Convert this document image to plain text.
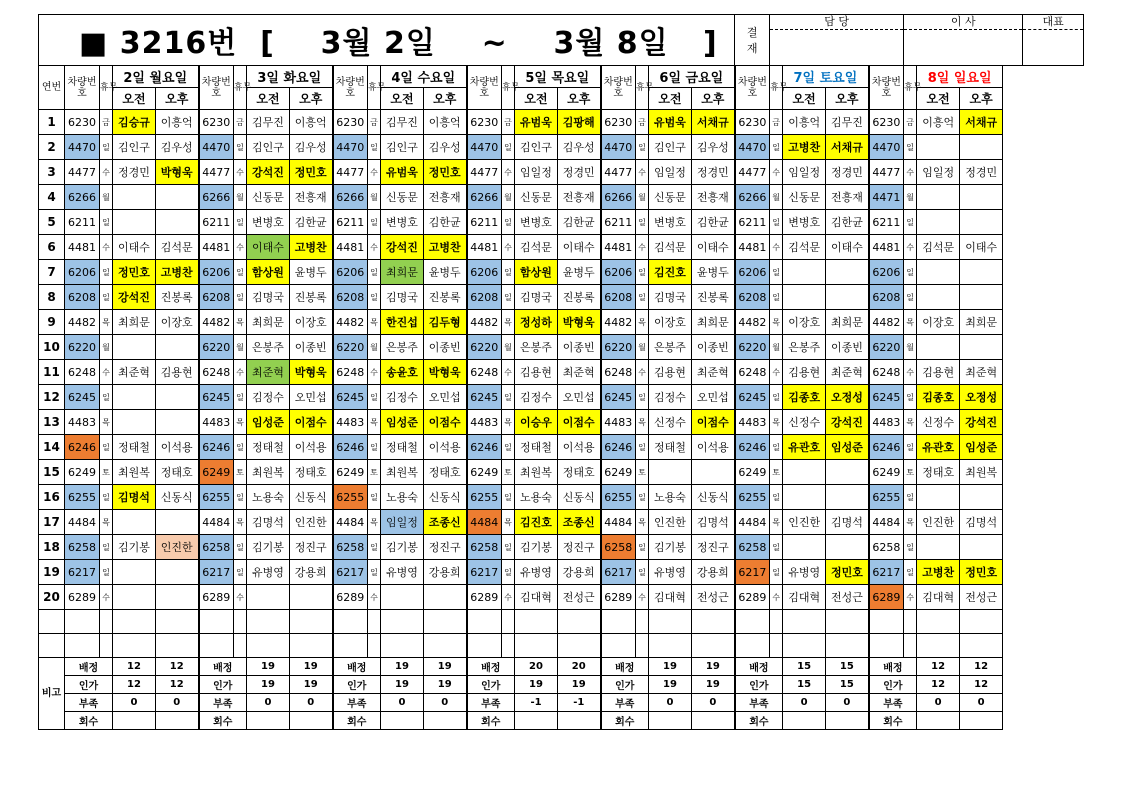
■ 3216번  [    3월 2일    ~    3월 8일   ]																					결
재	담 당				이 사			대표

연번	차량번호	휴무	2일 월요일		차량번호	휴무	3일 화요일		차량번호	휴무	4일 수요일		차량번호	휴무	5일 목요일		차량번호	휴무	6일 금요일		차량번호	휴무	7일 토요일		차량번호	휴무	8일 일요일		
			오전	오후			오전	오후			오전	오후			오전	오후			오전	오후			오전	오후			오전	오후	
1	6230	금	김승규	이흥억	6230	금	김무진	이흥억	6230	금	김무진	이흥억	6230	금	유범욱	김팡해	6230	금	유범욱	서채규	6230	금	이흥억	김무진	6230	금	이흥억	서채규	
2	4470	일	김인구	김우성	4470	일	김인구	김우성	4470	일	김인구	김우성	4470	일	김인구	김우성	4470	일	김인구	김우성	4470	일	고병찬	서채규	4470	일			
3	4477	수	정경민	박형욱	4477	수	강석진	정민호	4477	수	유범욱	정민호	4477	수	임일정	정경민	4477	수	임일정	정경민	4477	수	임일정	정경민	4477	수	임일정	정경민	
4	6266	월			6266	월	신동문	전흥재	6266	월	신동문	전흥재	6266	월	신동문	전흥재	6266	월	신동문	전흥재	6266	월	신동문	전흥재	4471	월			
5	6211	일			6211	일	변병호	김한균	6211	일	변병호	김한균	6211	일	변병호	김한균	6211	일	변병호	김한균	6211	일	변병호	김한균	6211	일			
6	4481	수	이태수	김석문	4481	수	이태수	고병찬	4481	수	강석진	고병찬	4481	수	김석문	이태수	4481	수	김석문	이태수	4481	수	김석문	이태수	4481	수	김석문	이태수	
7	6206	일	정민호	고병찬	6206	일	함상원	윤병두	6206	일	최희문	윤병두	6206	일	함상원	윤병두	6206	일	김진호	윤병두	6206	일			6206	일			
8	6208	일	강석진	진봉록	6208	일	김명국	진봉록	6208	일	김명국	진봉록	6208	일	김명국	진봉록	6208	일	김명국	진봉록	6208	일			6208	일			
9	4482	목	최희문	이장호	4482	목	최희문	이장호	4482	목	한진섭	김두형	4482	목	정성하	박형욱	4482	목	이장호	최희문	4482	목	이장호	최희문	4482	목	이장호	최희문	
10	6220	월			6220	월	은봉주	이종빈	6220	월	은봉주	이종빈	6220	월	은봉주	이종빈	6220	월	은봉주	이종빈	6220	월	은봉주	이종빈	6220	월			
11	6248	수	최준혁	김용현	6248	수	최준혁	박형욱	6248	수	송윤호	박형욱	6248	수	김용현	최준혁	6248	수	김용현	최준혁	6248	수	김용현	최준혁	6248	수	김용현	최준혁	
12	6245	일			6245	일	김정수	오민섭	6245	일	김정수	오민섭	6245	일	김정수	오민섭	6245	일	김정수	오민섭	6245	일	김종호	오정성	6245	일	김종호	오정성	
13	4483	목			4483	목	임성준	이점수	4483	목	임성준	이점수	4483	목	이승우	이점수	4483	목	신정수	이점수	4483	목	신정수	강석진	4483	목	신정수	강석진	
14	6246	일	정태철	이석용	6246	일	정태철	이석용	6246	일	정태철	이석용	6246	일	정태철	이석용	6246	일	정태철	이석용	6246	일	유관호	임성준	6246	일	유관호	임성준	
15	6249	토	최원복	정태호	6249	토	최원복	정태호	6249	토	최원복	정태호	6249	토	최원복	정태호	6249	토			6249	토			6249	토	정태호	최원복	
16	6255	일	김명석	신동식	6255	일	노용숙	신동식	6255	일	노용숙	신동식	6255	일	노용숙	신동식	6255	일	노용숙	신동식	6255	일			6255	일			
17	4484	목			4484	목	김명석	인진한	4484	목	임일정	조종신	4484	목	김진호	조종신	4484	목	인진한	김명석	4484	목	인진한	김명석	4484	목	인진한	김명석	
18	6258	일	김기봉	인진한	6258	일	김기봉	정진구	6258	일	김기봉	정진구	6258	일	김기봉	정진구	6258	일	김기봉	정진구	6258	일			6258	일			
19	6217	일			6217	일	유병영	강용희	6217	일	유병영	강용희	6217	일	유병영	강용희	6217	일	유병영	강용희	6217	일	유병영	정민호	6217	일	고병찬	정민호	
20	6289	수			6289	수			6289	수			6289	수	김대혁	전성근	6289	수	김대혁	전성근	6289	수	김대혁	전성근	6289	수	김대혁	전성근	

비고	배정		12	12	배정		19	19	배정		19	19	배정		20	20	배정		19	19	배정		15	15	배정		12	12	
	인가		12	12	인가		19	19	인가		19	19	인가		19	19	인가		19	19	인가		15	15	인가		12	12	
	부족		0	0	부족		0	0	부족		0	0	부족		-1	-1	부족		0	0	부족		0	0	부족		0	0	
	회수				회수				회수				회수				회수				회수				회수				
